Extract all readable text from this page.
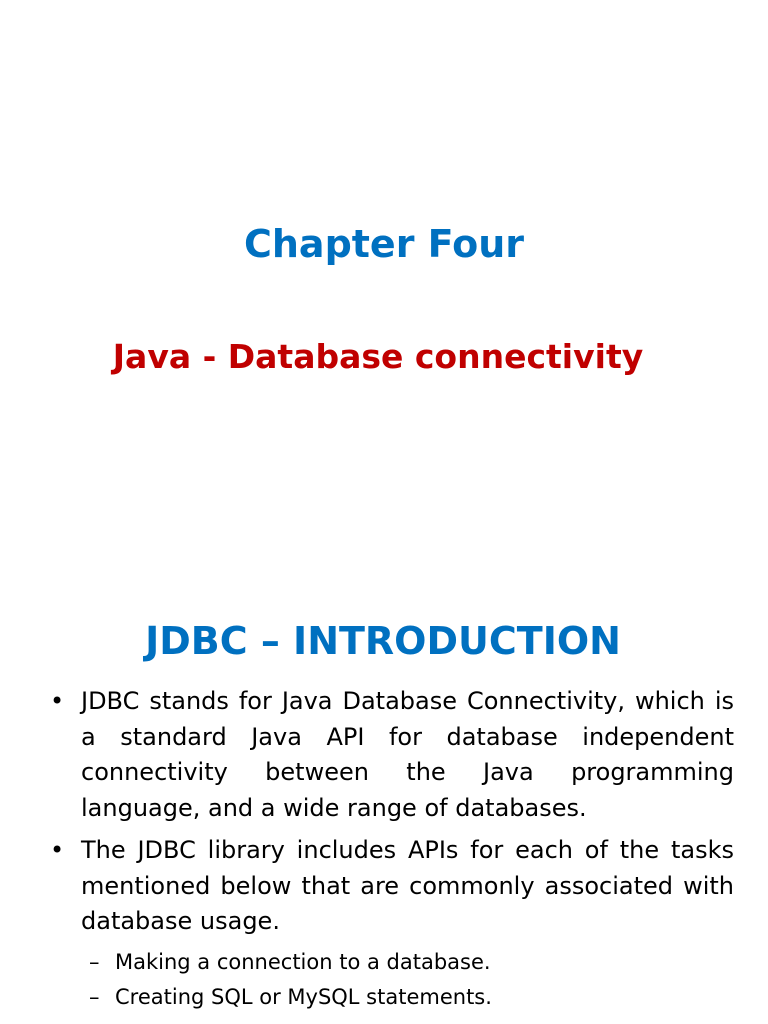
Chapter Four
Java - Database connectivity
JDBC – INTRODUCTION
• JDBC stands for Java Database Connectivity, which is a standard Java API for database independent connectivity between the Java programming language, and a wide range of databases.
• The JDBC library includes APIs for each of the tasks mentioned below that are commonly associated with database usage.
– Making a connection to a database.
– Creating SQL or MySQL statements.
